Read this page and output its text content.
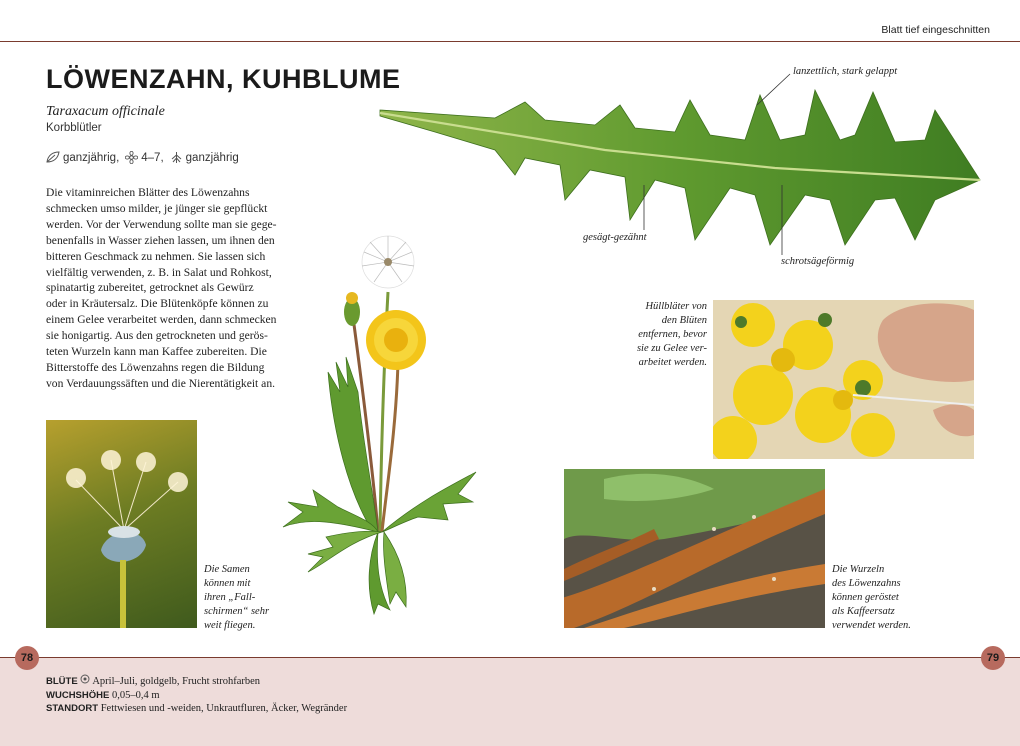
Blatt tief eingeschnitten
LÖWENZAHN, KUHBLUME
Taraxacum officinale
Korbblütler
ganzjährig, 4–7, ganzjährig
Die vitaminreichen Blätter des Löwenzahns
schmecken umso milder, je jünger sie gepflückt
werden. Vor der Verwendung sollte man sie gege-
benenfalls in Wasser ziehen lassen, um ihnen den
bitteren Geschmack zu nehmen. Sie lassen sich
vielfältig verwenden, z. B. in Salat und Rohkost,
spinatartig zubereitet, getrocknet als Gewürz
oder in Kräutersalz. Die Blütenköpfe können zu
einem Gelee verarbeitet werden, dann schmecken
sie honigartig. Aus den getrockneten und gerös-
teten Wurzeln kann man Kaffee zubereiten. Die
Bitterstoffe des Löwenzahns regen die Bildung
von Verdauungssäften und die Nierentätigkeit an.
lanzettlich, stark gelappt
gesägt-gezähnt
schrotsägeförmig
Die Samen
können mit
ihren „Fall-
schirmen“ sehr
weit fliegen.
Hüllbläter von
den Blüten
entfernen, bevor
sie zu Gelee ver-
arbeitet werden.
Die Wurzeln
des Löwenzahns
können geröstet
als Kaffeersatz
verwendet werden.
78	79
BLÜTE April–Juli, goldgelb, Frucht strohfarben
WUCHSHÖHE 0,05–0,4 m
STANDORT Fettwiesen und -weiden, Unkrautfluren, Äcker, Wegränder
